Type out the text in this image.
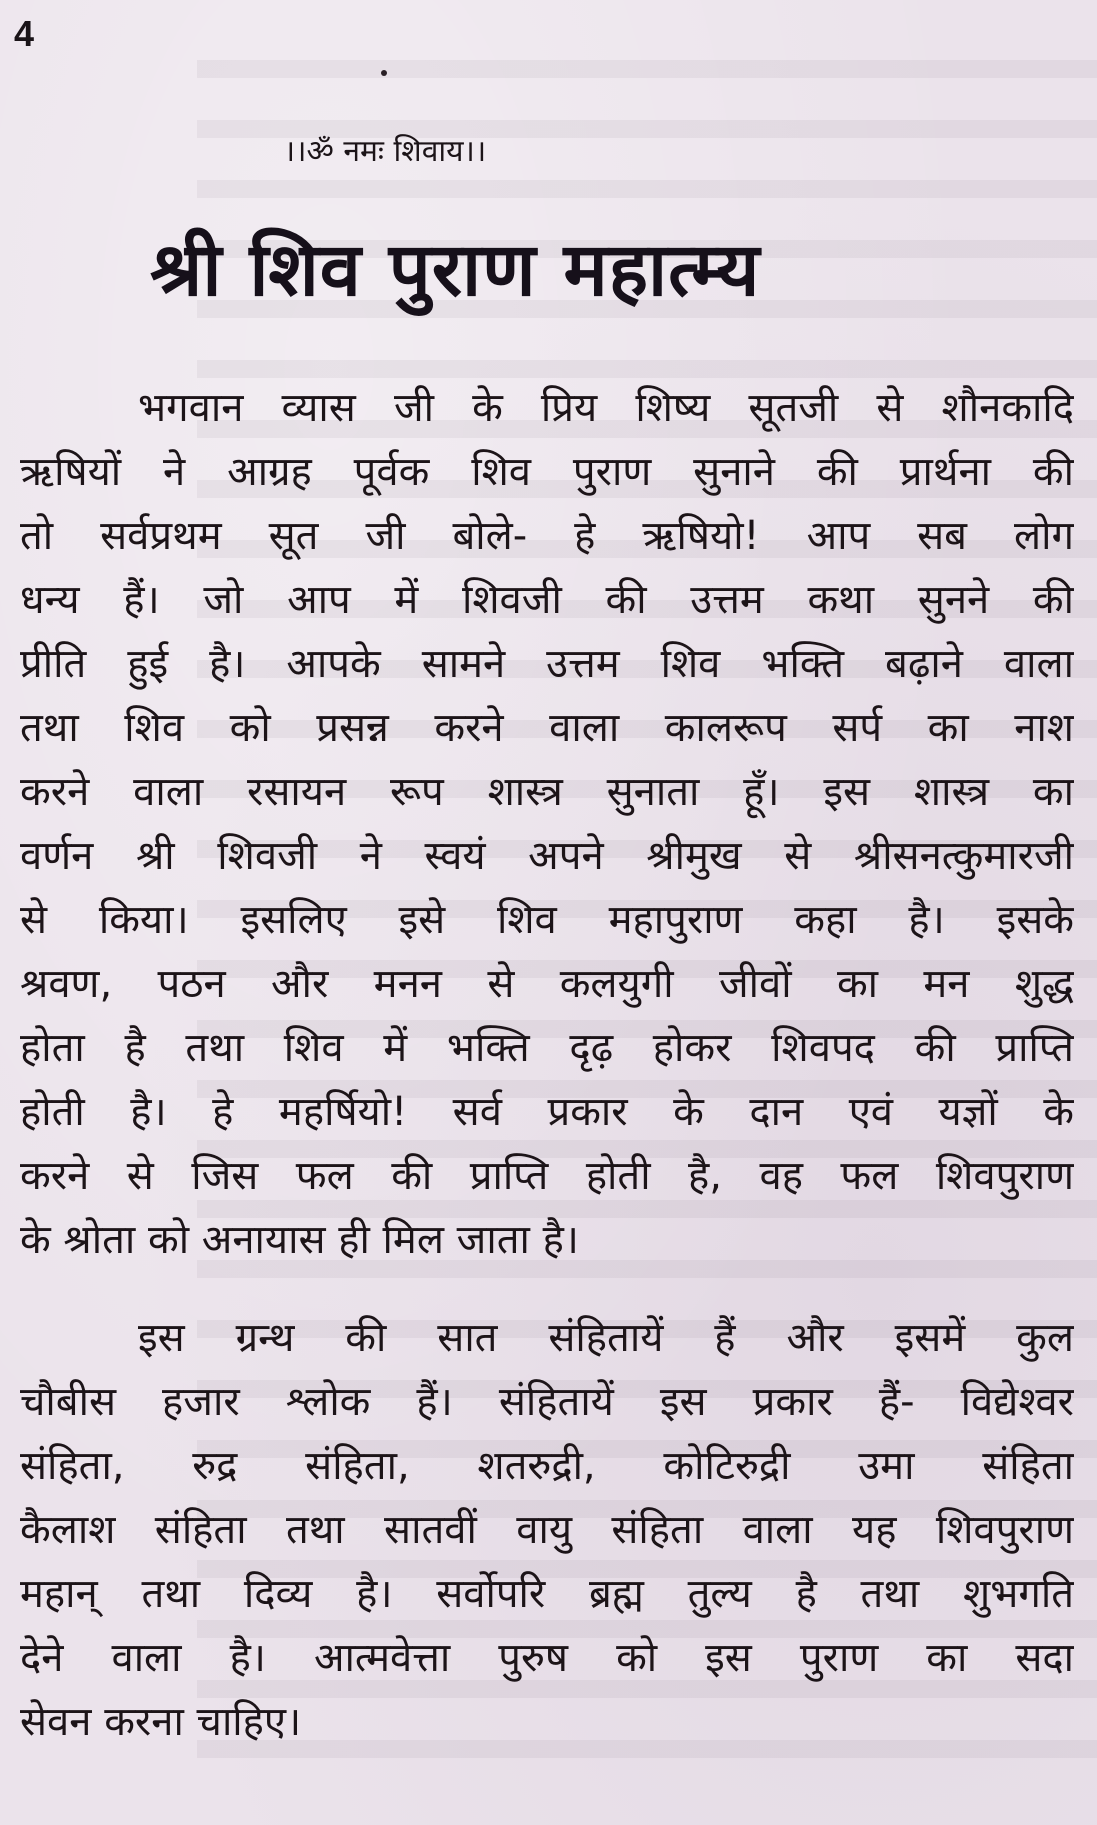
4
।।ॐ नमः शिवाय।।
श्री शिव पुराण महात्म्य
भगवान व्यास जी के प्रिय शिष्य सूतजी से शौनकादि
ऋषियों ने आग्रह पूर्वक शिव पुराण सुनाने की प्रार्थना की
तो सर्वप्रथम सूत जी बोले- हे ऋषियो! आप सब लोग
धन्य हैं। जो आप में शिवजी की उत्तम कथा सुनने की
प्रीति हुई है। आपके सामने उत्तम शिव भक्ति बढ़ाने वाला
तथा शिव को प्रसन्न करने वाला कालरूप सर्प का नाश
करने वाला रसायन रूप शास्त्र सुनाता हूँ। इस शास्त्र का
वर्णन श्री शिवजी ने स्वयं अपने श्रीमुख से श्रीसनत्कुमारजी
से किया। इसलिए इसे शिव महापुराण कहा है। इसके
श्रवण, पठन और मनन से कलयुगी जीवों का मन शुद्ध
होता है तथा शिव में भक्ति दृढ़ होकर शिवपद की प्राप्ति
होती है। हे महर्षियो! सर्व प्रकार के दान एवं यज्ञों के
करने से जिस फल की प्राप्ति होती है, वह फल शिवपुराण
के श्रोता को अनायास ही मिल जाता है।
इस ग्रन्थ की सात संहितायें हैं और इसमें कुल
चौबीस हजार श्लोक हैं। संहितायें इस प्रकार हैं- विद्येश्वर
संहिता, रुद्र संहिता, शतरुद्री, कोटिरुद्री उमा संहिता
कैलाश संहिता तथा सातवीं वायु संहिता वाला यह शिवपुराण
महान् तथा दिव्य है। सर्वोपरि ब्रह्म तुल्य है तथा शुभगति
देने वाला है। आत्मवेत्ता पुरुष को इस पुराण का सदा
सेवन करना चाहिए।
